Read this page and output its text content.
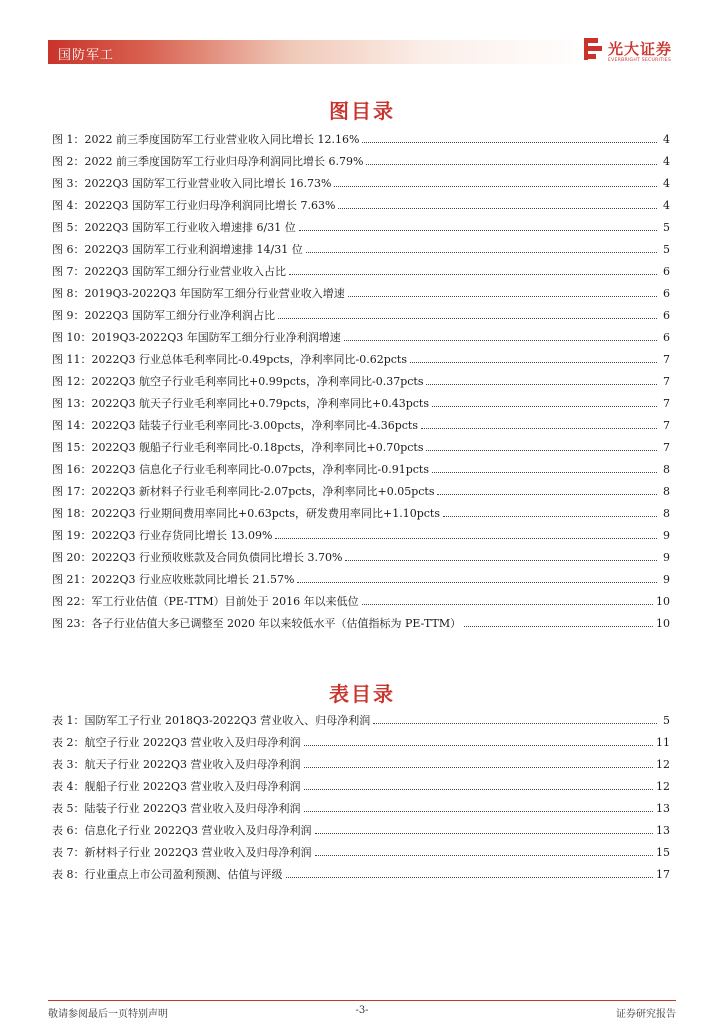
国防军工	光大证券
EVERBRIGHT SECURITIES
图目录
图 1： 2022 前三季度国防军工行业营业收入同比增长 12.16%	4
图 2： 2022 前三季度国防军工行业归母净利润同比增长 6.79%	4
图 3： 2022Q3 国防军工行业营业收入同比增长 16.73%	4
图 4： 2022Q3 国防军工行业归母净利润同比增长 7.63%	4
图 5： 2022Q3 国防军工行业收入增速排 6/31 位	5
图 6： 2022Q3 国防军工行业利润增速排 14/31 位	5
图 7： 2022Q3 国防军工细分行业营业收入占比	6
图 8： 2019Q3-2022Q3 年国防军工细分行业营业收入增速	6
图 9： 2022Q3 国防军工细分行业净利润占比	6
图 10： 2019Q3-2022Q3 年国防军工细分行业净利润增速	6
图 11： 2022Q3 行业总体毛利率同比-0.49pcts，净利率同比-0.62pcts	7
图 12： 2022Q3 航空子行业毛利率同比+0.99pcts，净利率同比-0.37pcts	7
图 13： 2022Q3 航天子行业毛利率同比+0.79pcts，净利率同比+0.43pcts	7
图 14： 2022Q3 陆装子行业毛利率同比-3.00pcts，净利率同比-4.36pcts	7
图 15： 2022Q3 舰船子行业毛利率同比-0.18pcts，净利率同比+0.70pcts	7
图 16： 2022Q3 信息化子行业毛利率同比-0.07pcts，净利率同比-0.91pcts	8
图 17： 2022Q3 新材料子行业毛利率同比-2.07pcts，净利率同比+0.05pcts	8
图 18： 2022Q3 行业期间费用率同比+0.63pcts，研发费用率同比+1.10pcts	8
图 19： 2022Q3 行业存货同比增长 13.09%	9
图 20： 2022Q3 行业预收账款及合同负债同比增长 3.70%	9
图 21： 2022Q3 行业应收账款同比增长 21.57%	9
图 22： 军工行业估值（PE-TTM）目前处于 2016 年以来低位	10
图 23： 各子行业估值大多已调整至 2020 年以来较低水平（估值指标为 PE-TTM）	10
表目录
表 1： 国防军工子行业 2018Q3-2022Q3 营业收入、归母净利润	5
表 2： 航空子行业 2022Q3 营业收入及归母净利润	11
表 3： 航天子行业 2022Q3 营业收入及归母净利润	12
表 4： 舰船子行业 2022Q3 营业收入及归母净利润	12
表 5： 陆装子行业 2022Q3 营业收入及归母净利润	13
表 6： 信息化子行业 2022Q3 营业收入及归母净利润	13
表 7： 新材料子行业 2022Q3 营业收入及归母净利润	15
表 8： 行业重点上市公司盈利预测、估值与评级	17
敬请参阅最后一页特别声明	-3-	证券研究报告
